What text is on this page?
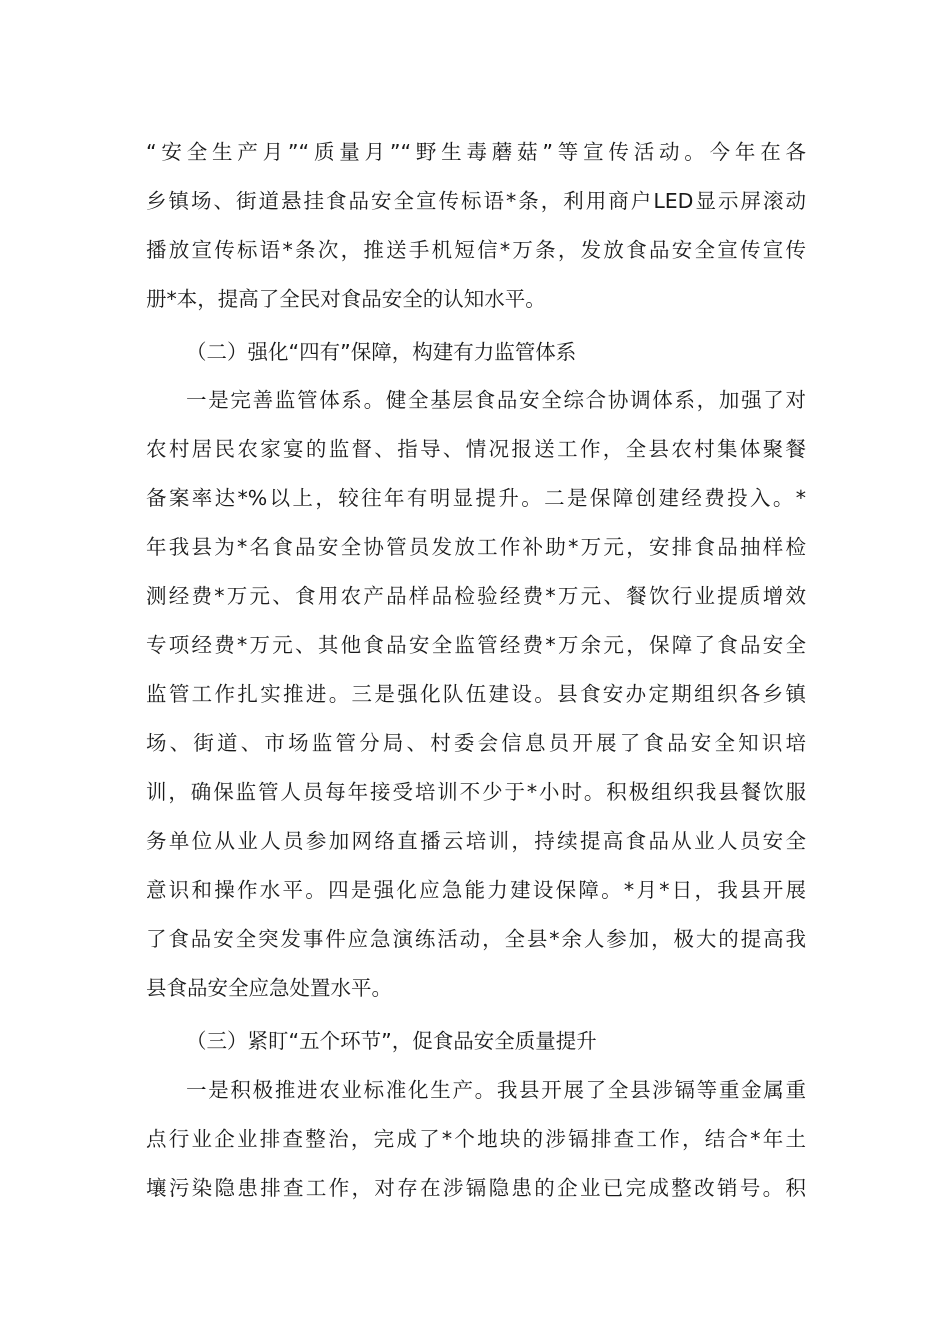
“安全生产月”“质量月”“野生毒蘑菇”等宣传活动。今年在各
乡镇场、街道悬挂食品安全宣传标语*条，利用商户LED显示屏滚动
播放宣传标语*条次，推送手机短信*万条，发放食品安全宣传宣传
册*本，提高了全民对食品安全的认知水平。
（二）强化“四有”保障，构建有力监管体系
一是完善监管体系。健全基层食品安全综合协调体系，加强了对
农村居民农家宴的监督、指导、情况报送工作，全县农村集体聚餐
备案率达*%以上，较往年有明显提升。二是保障创建经费投入。*
年我县为*名食品安全协管员发放工作补助*万元，安排食品抽样检
测经费*万元、食用农产品样品检验经费*万元、餐饮行业提质增效
专项经费*万元、其他食品安全监管经费*万余元，保障了食品安全
监管工作扎实推进。三是强化队伍建设。县食安办定期组织各乡镇
场、街道、市场监管分局、村委会信息员开展了食品安全知识培
训，确保监管人员每年接受培训不少于*小时。积极组织我县餐饮服
务单位从业人员参加网络直播云培训，持续提高食品从业人员安全
意识和操作水平。四是强化应急能力建设保障。*月*日，我县开展
了食品安全突发事件应急演练活动，全县*余人参加，极大的提高我
县食品安全应急处置水平。
（三）紧盯“五个环节”，促食品安全质量提升
一是积极推进农业标准化生产。我县开展了全县涉镉等重金属重
点行业企业排查整治，完成了*个地块的涉镉排查工作，结合*年土
壤污染隐患排查工作，对存在涉镉隐患的企业已完成整改销号。积
